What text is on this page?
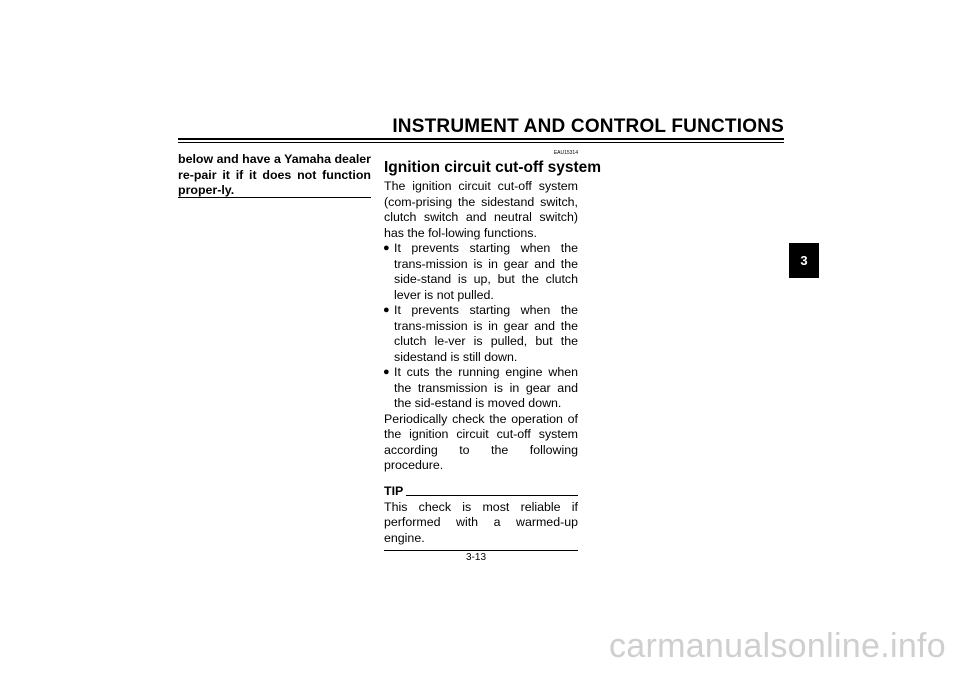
INSTRUMENT AND CONTROL FUNCTIONS
below and have a Yamaha dealer re-pair it if it does not function proper-ly.
EAU15314
Ignition circuit cut-off system

The ignition circuit cut-off system (com-prising the sidestand switch, clutch switch and neutral switch) has the fol-lowing functions.

● It prevents starting when the trans-mission is in gear and the side-stand is up, but the clutch lever is not pulled.
● It prevents starting when the trans-mission is in gear and the clutch le-ver is pulled, but the sidestand is still down.
● It cuts the running engine when the transmission is in gear and the sid-estand is moved down.

Periodically check the operation of the ignition circuit cut-off system according to the following procedure.

TIP

This check is most reliable if performed with a warmed-up engine.

3
3-13
carmanualsonline.info
